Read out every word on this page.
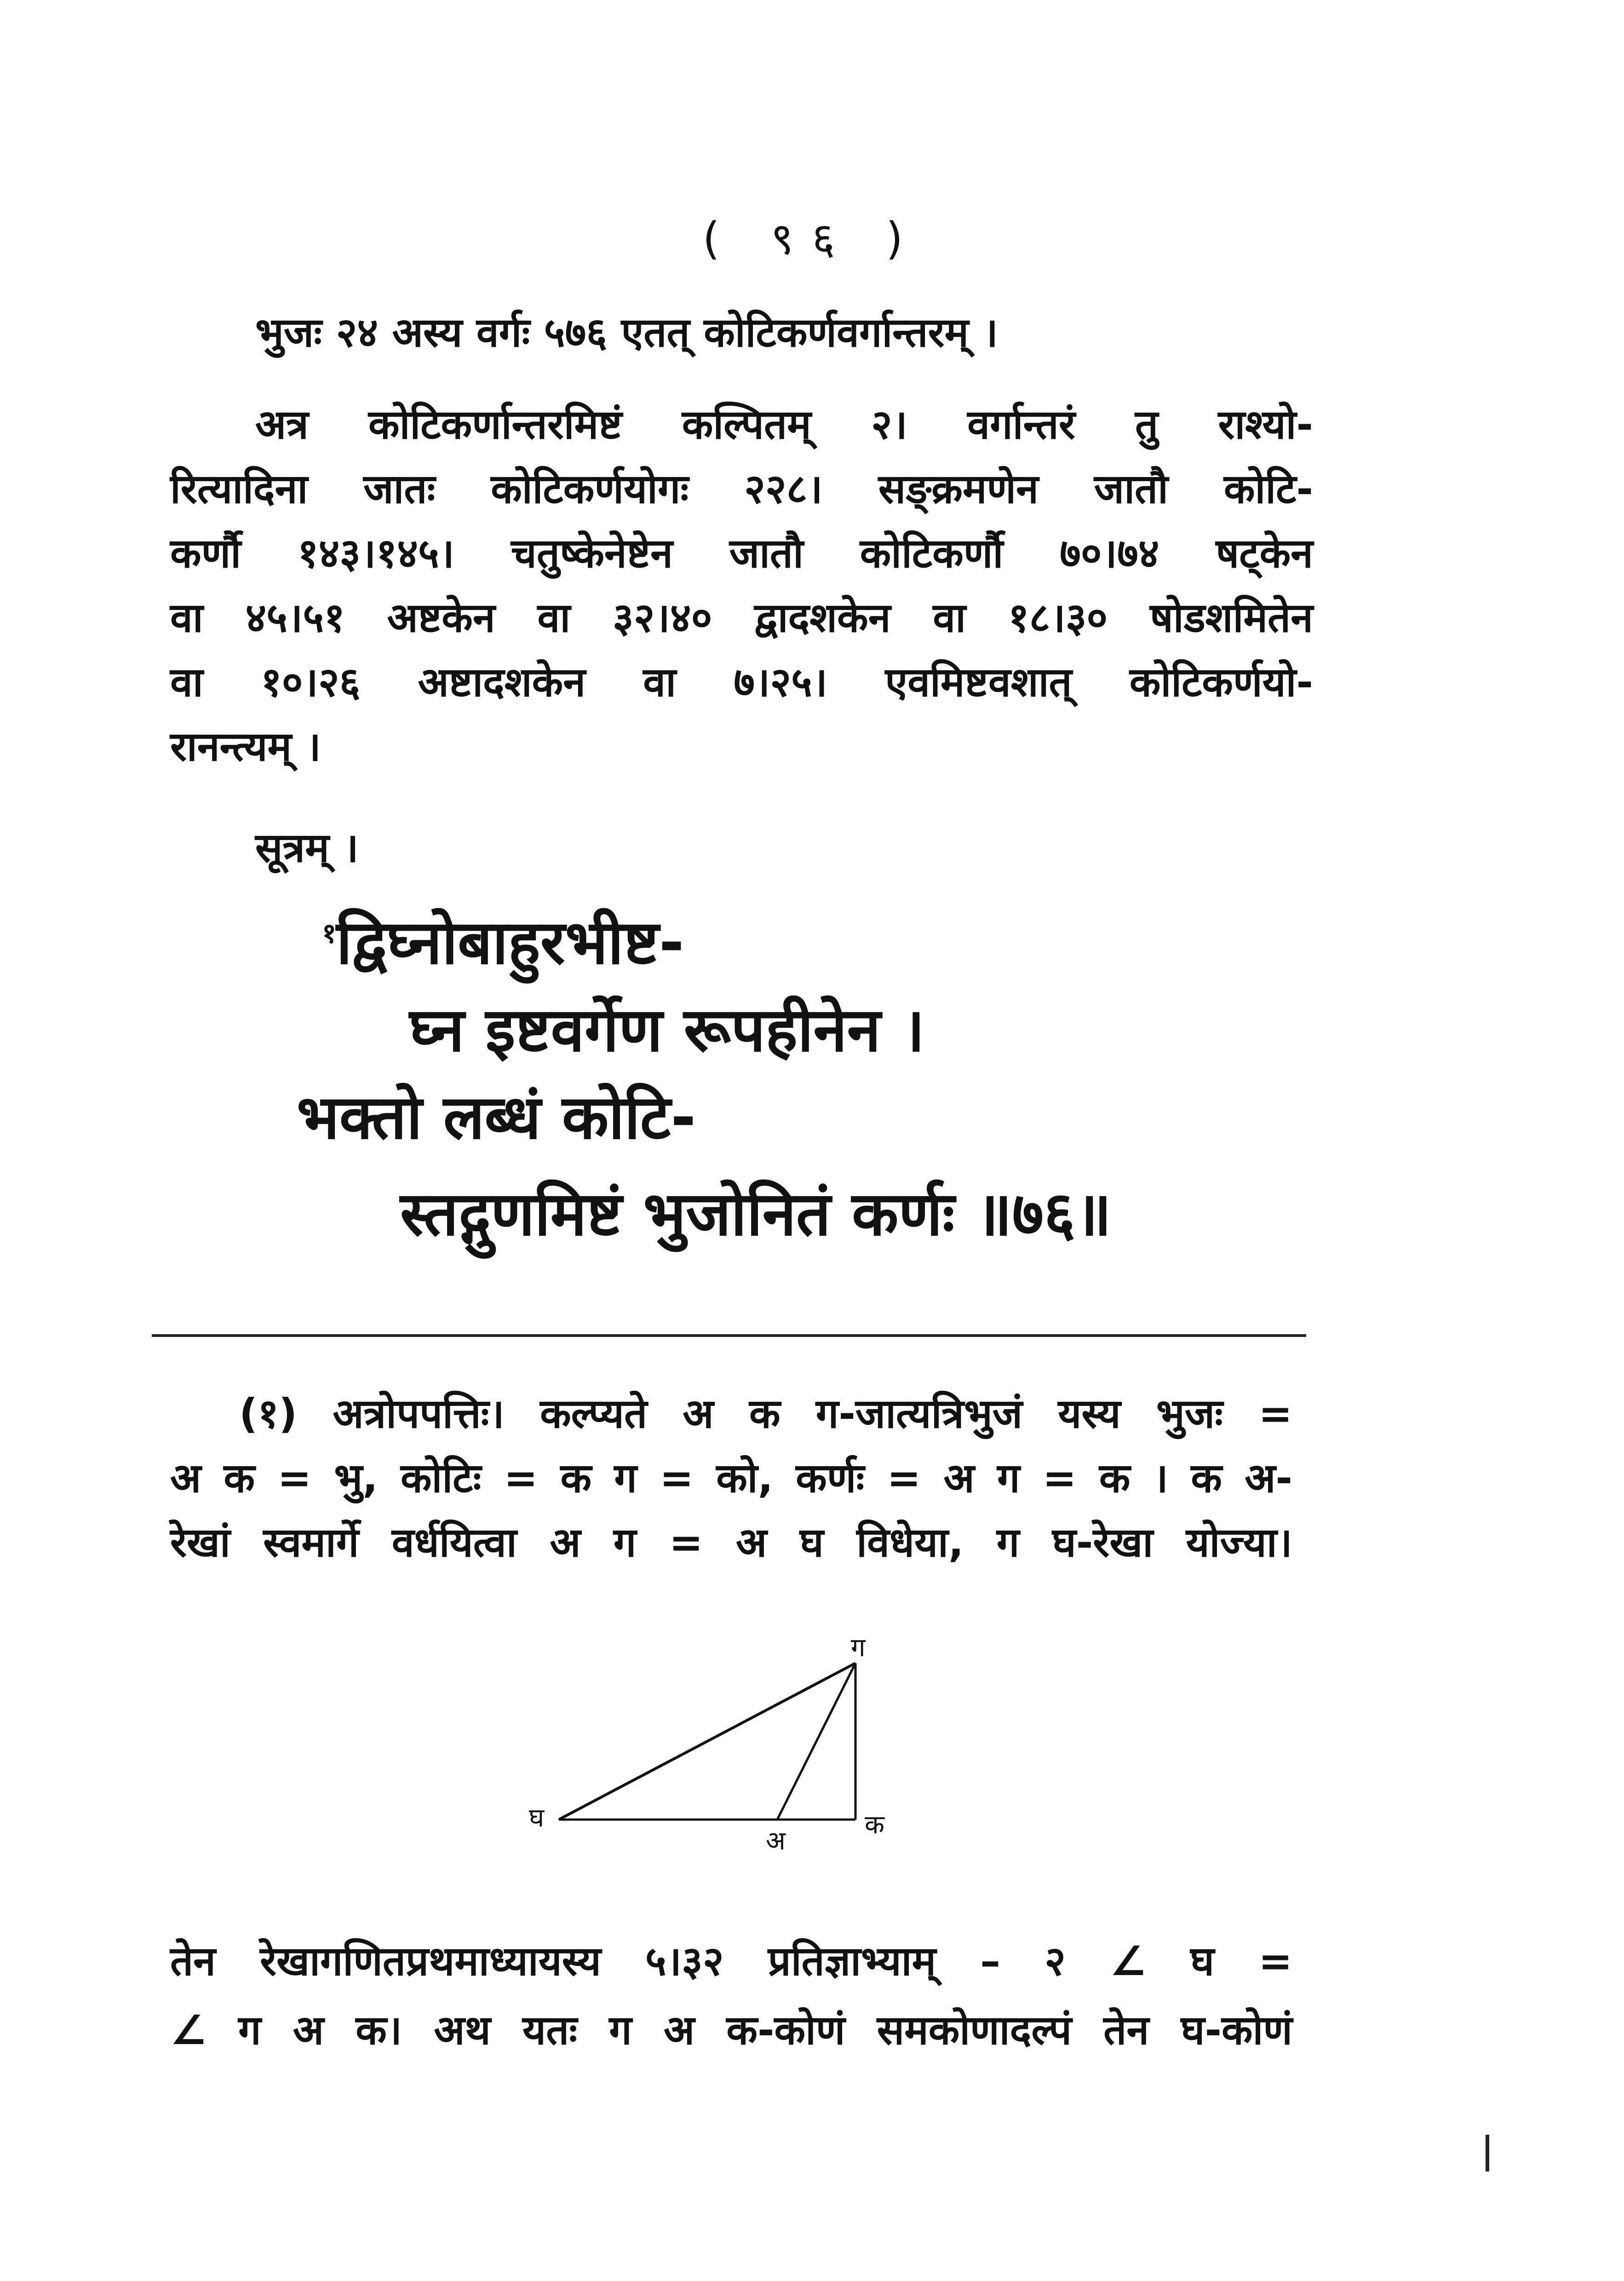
( ९६ )
भुजः २४ अस्य वर्गः ५७६ एतत् कोटिकर्णवर्गान्तरम् ।
अत्र कोटिकर्णान्तरमिष्टं कल्पितम् २। वर्गान्तरं तु राश्यो-
रित्यादिना जातः कोटिकर्णयोगः २२८। सङ्क्रमणेन जातौ कोटि-
कर्णौ १४३।१४५। चतुष्केनेष्टेन जातौ कोटिकर्णौ ७०।७४ षट्केन
वा ४५।५१ अष्टकेन वा ३२।४० द्वादशकेन वा १८।३० षोडशमितेन
वा १०।२६ अष्टादशकेन वा ७।२५। एवमिष्टवशात् कोटिकर्णयो-
रानन्त्यम् ।
सूत्रम् ।
$^१$द्विघ्नोबाहुरभीष्ट-
घ्न इष्टवर्गेण रूपहीनेन ।
भक्तो लब्धं कोटि-
स्तद्गुणमिष्टं भुजोनितं कर्णः ॥७६॥
(१) अत्रोपपत्तिः। कल्प्यते अ क ग-जात्यत्रिभुजं यस्य भुजः =
अ क = भु, कोटिः = क ग = को, कर्णः = अ ग = क । क अ-
रेखां स्वमार्गे वर्धयित्वा अ ग = अ घ विधेया, ग घ-रेखा योज्या।
ग
घ
अ
क
तेन रेखागणितप्रथमाध्यायस्य ५।३२ प्रतिज्ञाभ्याम् – २ ∠ घ =
∠ ग अ क। अथ यतः ग अ क-कोणं समकोणादल्पं तेन घ-कोणं
